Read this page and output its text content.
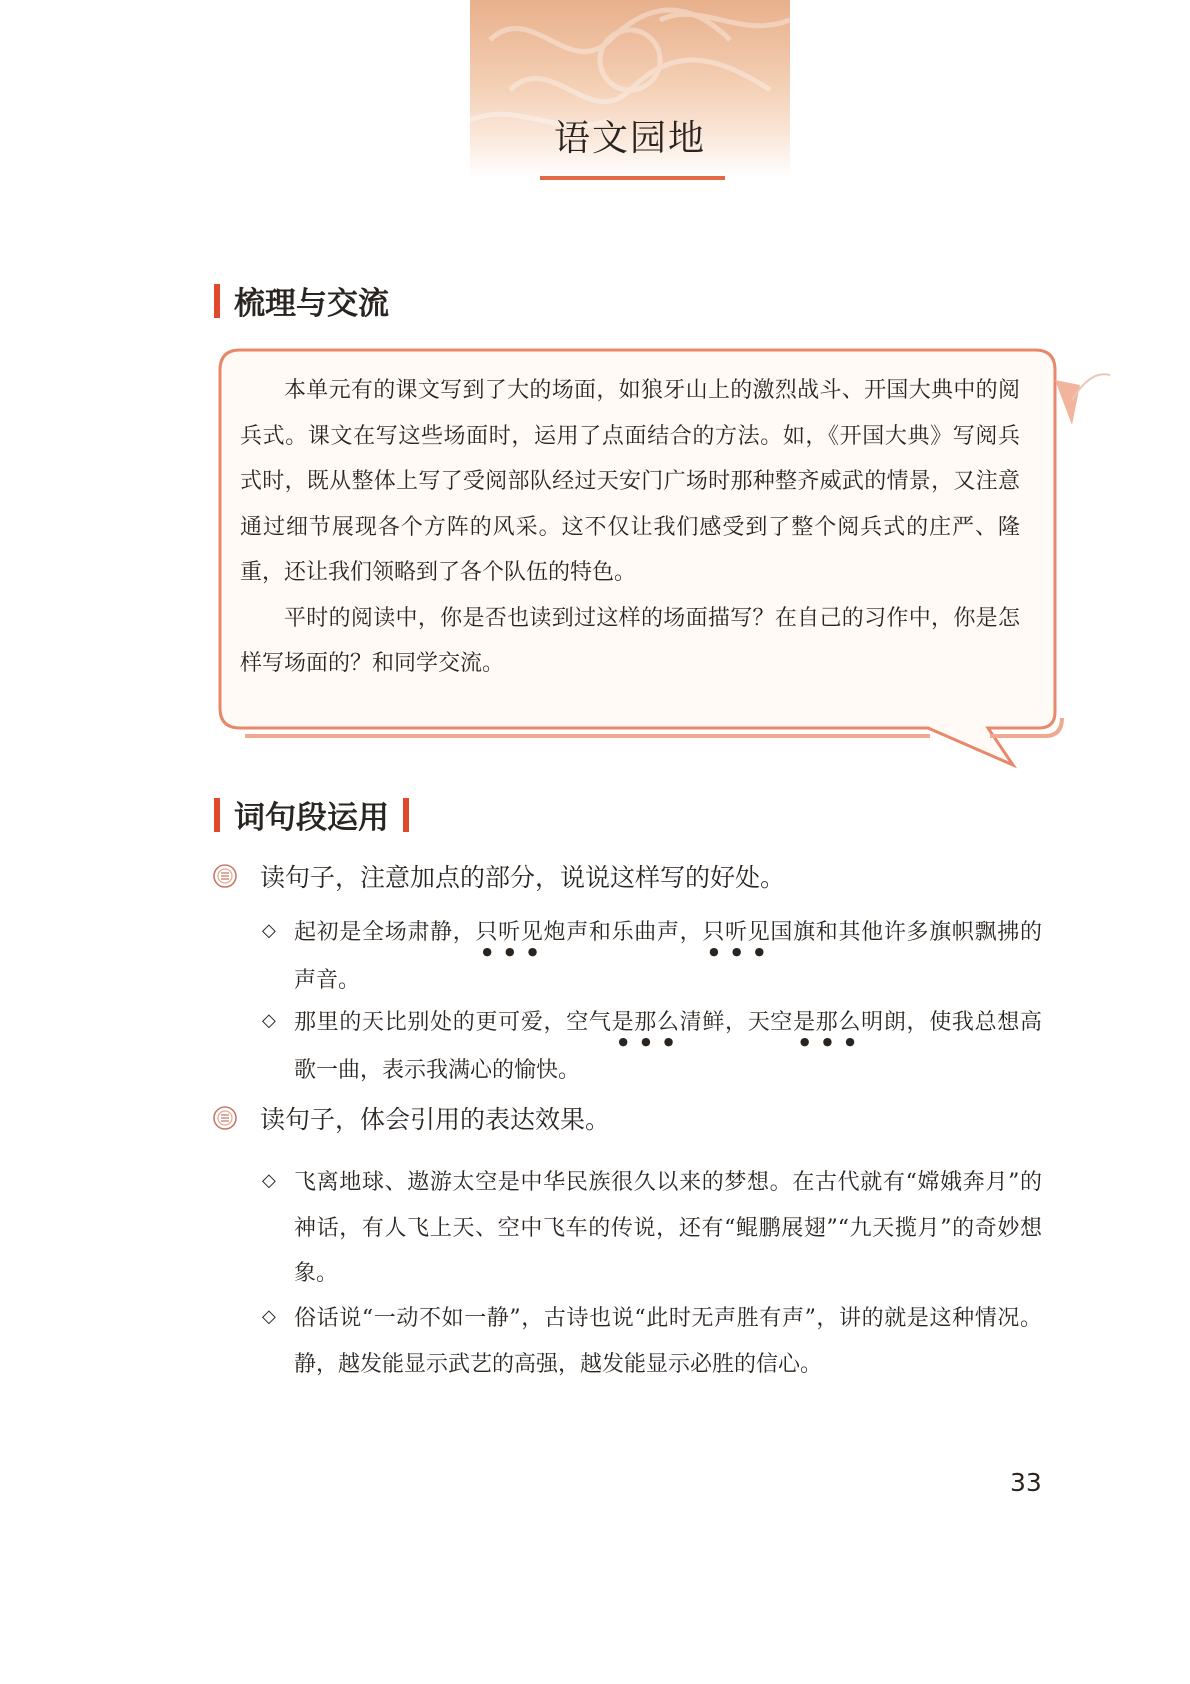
语文园地
梳理与交流

本单元有的课文写到了大的场面，如狼牙山上的激烈战斗、开国大典中的阅兵式。课文在写这些场面时，运用了点面结合的方法。如，《开国大典》写阅兵式时，既从整体上写了受阅部队经过天安门广场时那种整齐威武的情景，又注意通过细节展现各个方阵的风采。这不仅让我们感受到了整个阅兵式的庄严、隆重，还让我们领略到了各个队伍的特色。

平时的阅读中，你是否也读到过这样的场面描写？在自己的习作中，你是怎样写场面的？和同学交流。

词句段运用
读句子，注意加点的部分，说说这样写的好处。
◇ 起初是全场肃静，只听见炮声和乐曲声，只听见国旗和其他许多旗帜飘拂的声音。
◇ 那里的天比别处的更可爱，空气是那么清鲜，天空是那么明朗，使我总想高歌一曲，表示我满心的愉快。
读句子，体会引用的表达效果。
◇ 飞离地球、遨游太空是中华民族很久以来的梦想。在古代就有“嫦娥奔月”的神话，有人飞上天、空中飞车的传说，还有“鲲鹏展翅”“九天揽月”的奇妙想象。
◇ 俗话说“一动不如一静”，古诗也说“此时无声胜有声”，讲的就是这种情况。静，越发能显示武艺的高强，越发能显示必胜的信心。
33
